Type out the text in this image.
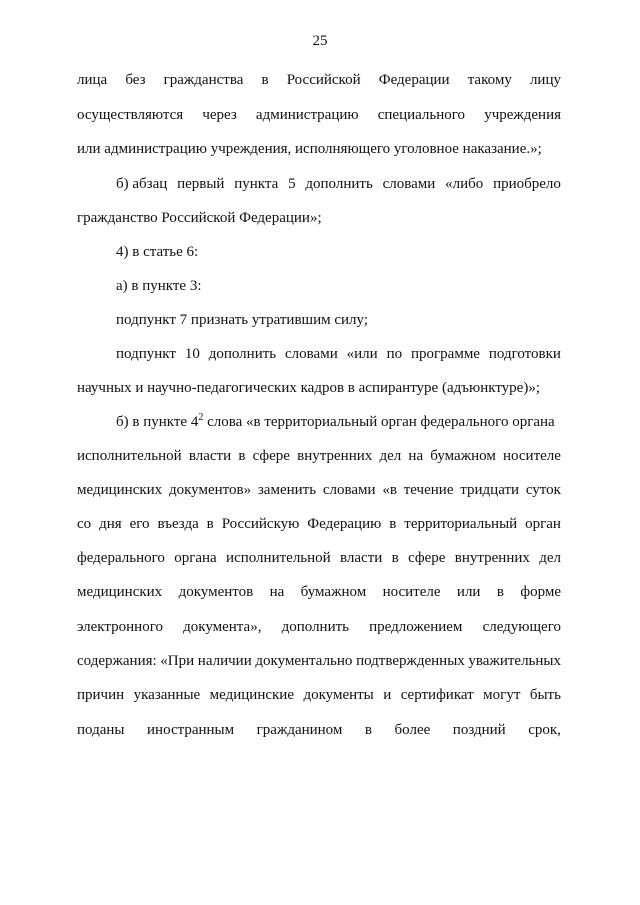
25
лица без гражданства в Российской Федерации такому лицу
осуществляются через администрацию специального учреждения
или администрацию учреждения, исполняющего уголовное наказание.»;
б) абзац первый пункта 5 дополнить словами «либо приобрело
гражданство Российской Федерации»;
4) в статье 6:
а) в пункте 3:
подпункт 7 признать утратившим силу;
подпункт 10 дополнить словами «или по программе подготовки
научных и научно-педагогических кадров в аспирантуре (адъюнктуре)»;
б) в пункте $4^2$ слова «в территориальный орган федерального органа
исполнительной власти в сфере внутренних дел на бумажном носителе
медицинских документов» заменить словами «в течение тридцати суток
со дня его въезда в Российскую Федерацию в территориальный орган
федерального органа исполнительной власти в сфере внутренних дел
медицинских документов на бумажном носителе или в форме
электронного документа», дополнить предложением следующего
содержания: «При наличии документально подтвержденных уважительных
причин указанные медицинские документы и сертификат могут быть
поданы иностранным гражданином в более поздний срок,
